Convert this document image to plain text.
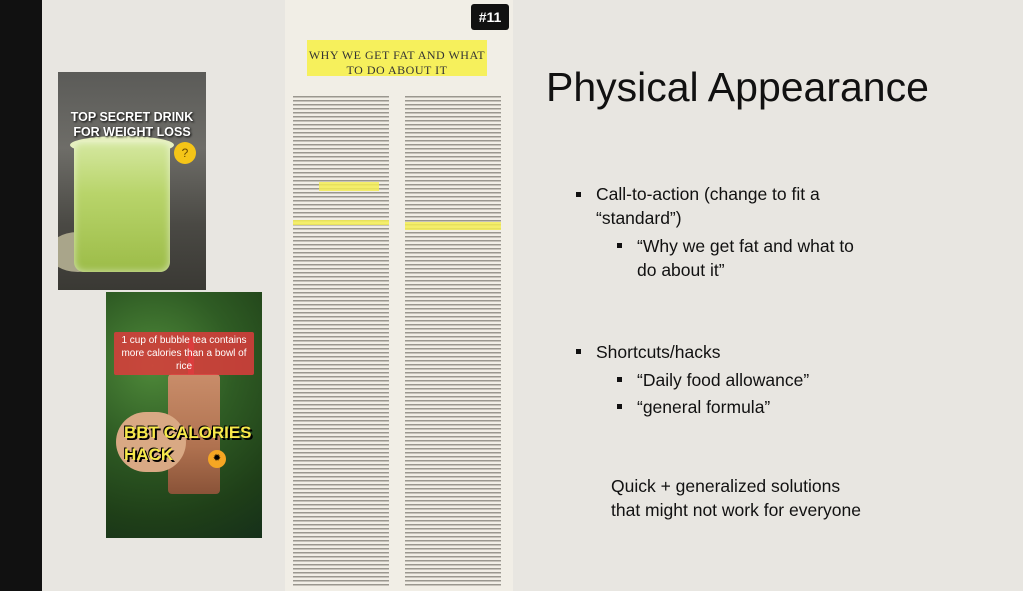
?
TOP SECRET DRINK
FOR WEIGHT LOSS
1 cup of bubble tea contains
more calories than a bowl of rice
BBT CALORIES
HACK	✹
#11
WHY WE GET FAT AND WHAT
TO DO ABOUT IT	Physical Appearance
Call-to-action (change to fit a
“standard”)
“Why we get fat and what to
do about it”
Shortcuts/hacks
“Daily food allowance”
“general formula”
Quick + generalized solutions
that might not work for everyone
